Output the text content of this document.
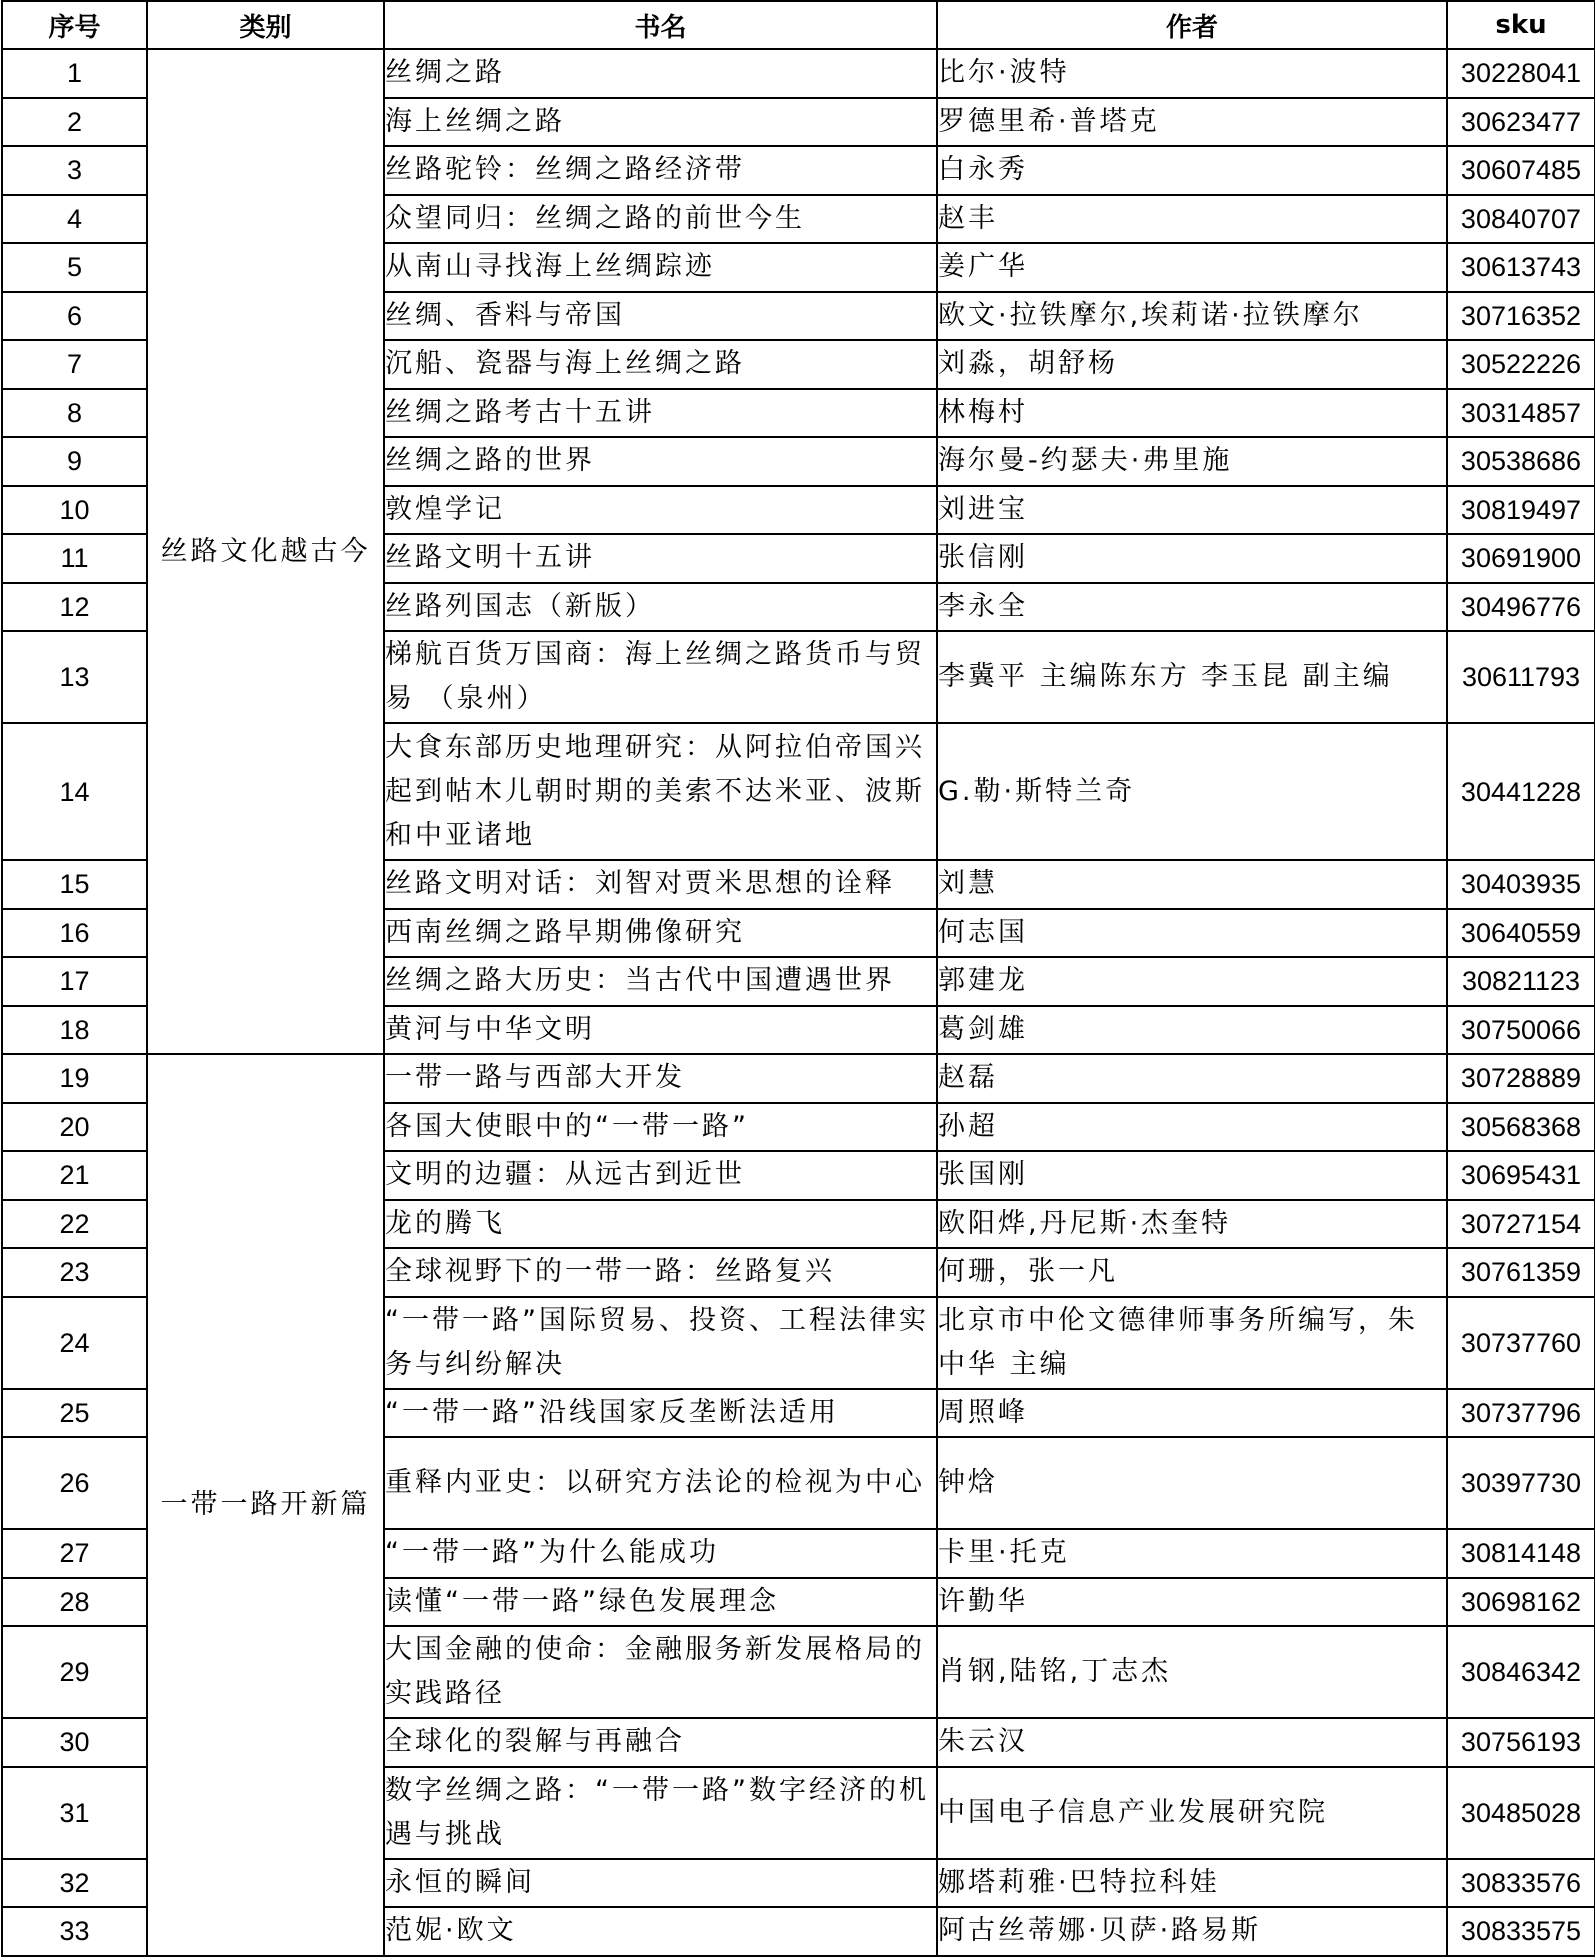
序号	类别	书名	作者	sku
1	丝路文化越古今	丝绸之路	比尔·波特	30228041
2		海上丝绸之路	罗德里希·普塔克	30623477
3		丝路驼铃：丝绸之路经济带	白永秀	30607485
4		众望同归：丝绸之路的前世今生	赵丰	30840707
5		从南山寻找海上丝绸踪迹	姜广华	30613743
6		丝绸、香料与帝国	欧文·拉铁摩尔,埃莉诺·拉铁摩尔	30716352
7		沉船、瓷器与海上丝绸之路	刘淼，胡舒杨	30522226
8		丝绸之路考古十五讲	林梅村	30314857
9		丝绸之路的世界	海尔曼-约瑟夫·弗里施	30538686
10		敦煌学记	刘进宝	30819497
11		丝路文明十五讲	张信刚	30691900
12		丝路列国志（新版）	李永全	30496776
13		梯航百货万国商：海上丝绸之路货币与贸易 （泉州）	李冀平 主编陈东方 李玉昆 副主编	30611793
14		大食东部历史地理研究：从阿拉伯帝国兴起到帖木儿朝时期的美索不达米亚、波斯和中亚诸地	G.勒·斯特兰奇	30441228
15		丝路文明对话：刘智对贾米思想的诠释	刘慧	30403935
16		西南丝绸之路早期佛像研究	何志国	30640559
17		丝绸之路大历史：当古代中国遭遇世界	郭建龙	30821123
18		黄河与中华文明	葛剑雄	30750066
19	一带一路开新篇	一带一路与西部大开发	赵磊	30728889
20		各国大使眼中的“一带一路”	孙超	30568368
21		文明的边疆：从远古到近世	张国刚	30695431
22		龙的腾飞	欧阳烨,丹尼斯·杰奎特	30727154
23		全球视野下的一带一路：丝路复兴	何珊，张一凡	30761359
24		“一带一路”国际贸易、投资、工程法律实务与纠纷解决	北京市中伦文德律师事务所编写，朱中华 主编	30737760
25		“一带一路”沿线国家反垄断法适用	周照峰	30737796
26		重释内亚史：以研究方法论的检视为中心	钟焓	30397730
27		“一带一路”为什么能成功	卡里·托克	30814148
28		读懂“一带一路”绿色发展理念	许勤华	30698162
29		大国金融的使命：金融服务新发展格局的实践路径	肖钢,陆铭,丁志杰	30846342
30		全球化的裂解与再融合	朱云汉	30756193
31		数字丝绸之路：“一带一路”数字经济的机遇与挑战	中国电子信息产业发展研究院	30485028
32		永恒的瞬间	娜塔莉雅·巴特拉科娃	30833576
33		范妮·欧文	阿古丝蒂娜·贝萨·路易斯	30833575
